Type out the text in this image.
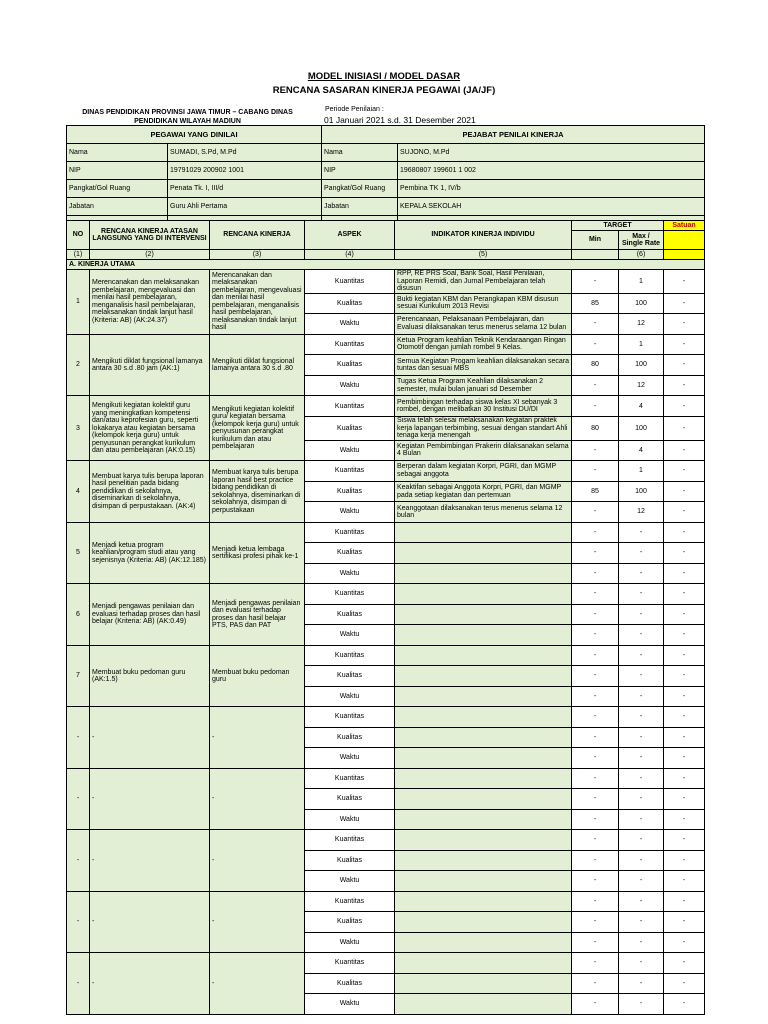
MODEL INISIASI / MODEL DASAR
RENCANA SASARAN KINERJA PEGAWAI (JA/JF)
DINAS PENDIDIKAN PROVINSI JAWA TIMUR – CABANG DINAS PENDIDIKAN WILAYAH MADIUN
Periode Penilaian :
01 Januari 2021 s.d. 31 Desember 2021
PEGAWAI YANG DINILAI		PEJABAT PENILAI KINERJA	
Nama	SUMADI, S.Pd, M.Pd	Nama	SUJONO, M.Pd
NIP	19791029 200902 1001	NIP	19680807 199601 1 002
Pangkat/Gol Ruang	Penata Tk. I, III/d	Pangkat/Gol Ruang	Pembina TK 1, IV/b
Jabatan	Guru Ahli Pertama	Jabatan	KEPALA SEKOLAH

NO	RENCANA KINERJA ATASAN LANGSUNG YANG DI INTERVENSI	RENCANA KINERJA	ASPEK	INDIKATOR KINERJA INDIVIDU	TARGET		Satuan
					Min	Max / Single Rate	
(1)	(2)	(3)	(4)	(5)		(6)	
A. KINERJA UTAMA							
1	Merencanakan dan melaksanakan pembelajaran, mengevaluasi dan menilai hasil pembelajaran, menganalisis hasil pembelajaran, melaksanakan tindak lanjut hasil (Kriteria: AB) (AK:24.37)	Merencanakan dan melaksanakan pembelajaran, mengevaluasi dan menilai hasil pembelajaran, menganalisis hasil pembelajaran, melaksanakan tindak lanjut hasil	Kuantitas	RPP, RE PRS Soal, Bank Soal, Hasil Penilaian, Laporan Remidi, dan Jurnal Pembelajaran telah disusun	-	1	-
			Kualitas	Bukti kegiatan KBM dan Perangkapan KBM disusun sesuai Kurikulum 2013 Revisi	85	100	-
			Waktu	Perencanaan, Pelaksanaan Pembelajaran, dan Evaluasi dilaksanakan terus menerus selama 12 bulan	-	12	-
2	Mengikuti diklat fungsional lamanya antara 30 s.d .80 jam (AK:1)	Mengikuti diklat fungsional lamanya antara 30 s.d .80	Kuantitas	Ketua Program keahlian Teknik Kendaraangan Ringan Otomotif dengan jumlah rombel 9 Kelas.	-	1	-
			Kualitas	Semua Kegiatan Progam keahlian dilaksanakan secara tuntas dan sesuai MBS	80	100	-
			Waktu	Tugas Ketua Program Keahlian dilaksanakan 2 semester, mulai bulan januari sd Desember	-	12	-
3	Mengikuti kegiatan kolektif guru yang meningkatkan kompetensi dan/atau keprofesian guru, seperti lokakarya atau kegiatan bersama (kelompok kerja guru) untuk penyusunan perangkat kurikulum dan atau pembelajaran (AK:0.15)	Mengikuti kegiatan kolektif guru/ kegiatan bersama (kelompok kerja guru) untuk penyusunan perangkat kurikulum dan atau pembelajaran	Kuantitas	Pembimbingan terhadap siswa kelas XI sebanyak 3 rombel, dengan melibatkan 30 Institusi DU/DI	-	4	-
			Kualitas	Siswa telah selesai melaksanakan kegiatan praktek kerja lapangan terbimbing, sesuai dengan standart Ahli tenaga kerja menengah	80	100	-
			Waktu	Kegiatan Pembimbingan Prakerin dilaksanakan selama 4 Bulan	-	4	-
4	Membuat karya tulis berupa laporan hasil penelitian pada bidang pendidikan di sekolahnya, diseminarkan di sekolahnya, disimpan di perpustakaan. (AK:4)	Membuat karya tulis berupa laporan hasil best practice bidang pendidikan di sekolahnya, diseminarkan di sekolahnya, disimpan di perpustakaan	Kuantitas	Berperan dalam kegiatan Korpri, PGRI, dan MGMP sebagai anggota	-	1	-
			Kualitas	Keaktifan sebagai Anggota Korpri, PGRI, dan MGMP pada setiap kegiatan dan pertemuan	85	100	-
			Waktu	Keanggotaan dilaksanakan terus menerus selama 12 bulan	-	12	-
5	Menjadi ketua program keahlian/program studi atau yang sejenisnya (Kriteria: AB) (AK:12.185)	Menjadi ketua lembaga sertifikasi profesi pihak ke-1	Kuantitas		-	-	-
			Kualitas		-	-	-
			Waktu		-	-	-
6	Menjadi pengawas penilaian dan evaluasi terhadap proses dan hasil belajar (Kriteria: AB) (AK:0.49)	Menjadi pengawas penilaian dan evaluasi terhadap proses dan hasil belajar PTS, PAS dan PAT	Kuantitas		-	-	-
			Kualitas		-	-	-
			Waktu		-	-	-
7	Membuat buku pedoman guru (AK:1.5)	Membuat buku pedoman guru	Kuantitas		-	-	-
			Kualitas		-	-	-
			Waktu		-	-	-
-	-	-	Kuantitas		-	-	-
			Kualitas		-	-	-
			Waktu		-	-	-
-	-	-	Kuantitas		-	-	-
			Kualitas		-	-	-
			Waktu		-	-	-
-	-	-	Kuantitas		-	-	-
			Kualitas		-	-	-
			Waktu		-	-	-
-	-	-	Kuantitas		-	-	-
			Kualitas		-	-	-
			Waktu		-	-	-
-	-	-	Kuantitas		-	-	-
			Kualitas		-	-	-
			Waktu		-	-	-
